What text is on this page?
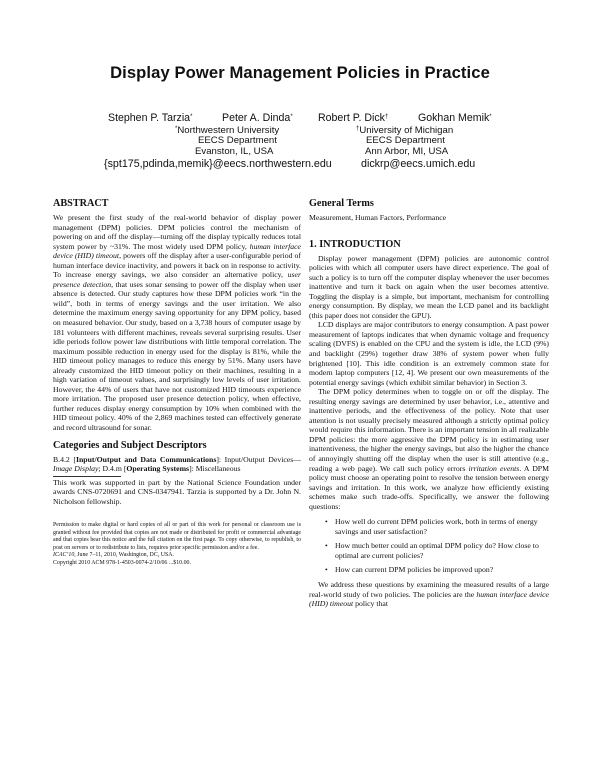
Display Power Management Policies in Practice
Stephen P. Tarzia*	Peter A. Dinda* Robert P. Dick†	Gokhan Memik*
*Northwestern University
EECS Department
Evanston, IL, USA
†University of Michigan
EECS Department
Ann Arbor, MI, USA
{spt175,pdinda,memik}@eecs.northwestern.edu	dickrp@eecs.umich.edu
ABSTRACT

We present the first study of the real-world behavior of display power management (DPM) policies. DPM policies control the mechanism of powering on and off the display—turning off the display typically reduces total system power by ~31%. The most widely used DPM policy, human interface device (HID) timeout, powers off the display after a user-configurable period of human interface device inactivity, and powers it back on in response to activity. To increase energy savings, we also consider an alternative policy, user presence detection, that uses sonar sensing to power off the display when user absence is detected. Our study captures how these DPM policies work “in the wild”, both in terms of energy savings and the user irritation. We also determine the maximum energy saving opportunity for any DPM policy, based on measured behavior. Our study, based on a 3,738 hours of computer usage by 181 volunteers with different machines, reveals several surprising results. User idle periods follow power law distributions with little temporal correlation. The maximum possible reduction in energy used for the display is 81%, while the HID timeout policy manages to reduce this energy by 51%. Many users have already customized the HID timeout policy on their machines, resulting in a high variation of timeout values, and surprisingly low levels of user irritation. However, the 44% of users that have not customized HID timeouts experience more irritation. The proposed user presence detection policy, when effective, further reduces display energy consumption by 10% when combined with the HID timeout policy. 40% of the 2,869 machines tested can effectively generate and record ultrasound for sonar.

Categories and Subject Descriptors

B.4.2 [Input/Output and Data Communications]: Input/Output Devices—Image Display; D.4.m [Operating Systems]: Miscellaneous

This work was supported in part by the National Science Foundation under awards CNS-0720691 and CNS-0347941. Tarzia is supported by a Dr. John N. Nicholson fellowship.

Permission to make digital or hard copies of all or part of this work for personal or classroom use is granted without fee provided that copies are not made or distributed for profit or commercial advantage and that copies bear this notice and the full citation on the first page. To copy otherwise, to republish, to post on servers or to redistribute to lists, requires prior specific permission and/or a fee.

ICAC’10, June 7–11, 2010, Washington, DC, USA.

Copyright 2010 ACM 978-1-4503-0074-2/10/06 ...$10.00.

General Terms

Measurement, Human Factors, Performance

1. INTRODUCTION

Display power management (DPM) policies are autonomic control policies with which all computer users have direct experience. The goal of such a policy is to turn off the computer display whenever the user becomes inattentive and turn it back on again when the user becomes attentive. Toggling the display is a simple, but important, mechanism for controlling energy consumption. By display, we mean the LCD panel and its backlight (this paper does not consider the GPU).

LCD displays are major contributors to energy consumption. A past power measurement of laptops indicates that when dynamic voltage and frequency scaling (DVFS) is enabled on the CPU and the system is idle, the LCD (9%) and backlight (29%) together draw 38% of system power when fully brightened [10]. This idle condition is an extremely common state for modern laptop computers [12, 4]. We present our own measurements of the potential energy savings (which exhibit similar behavior) in Section 3.

The DPM policy determines when to toggle on or off the display. The resulting energy savings are determined by user behavior, i.e., attentive and inattentive periods, and the effectiveness of the policy. Note that user attention is not usually precisely measured although a strictly optimal policy would require this information. There is an important tension in all realizable DPM policies: the more aggressive the DPM policy is in estimating user inattentiveness, the higher the energy savings, but also the higher the chance of annoyingly shutting off the display when the user is still attentive (e.g., reading a web page). We call such policy errors irritation events. A DPM policy must choose an operating point to resolve the tension between energy savings and irritation. In this work, we analyze how efficiently existing schemes make such trade-offs. Specifically, we answer the following questions:

• How well do current DPM policies work, both in terms of energy savings and user satisfaction?
• How much better could an optimal DPM policy do? How close to optimal are current policies?
• How can current DPM policies be improved upon?

We address these questions by examining the measured results of a large real-world study of two policies. The policies are the human interface device (HID) timeout policy that
